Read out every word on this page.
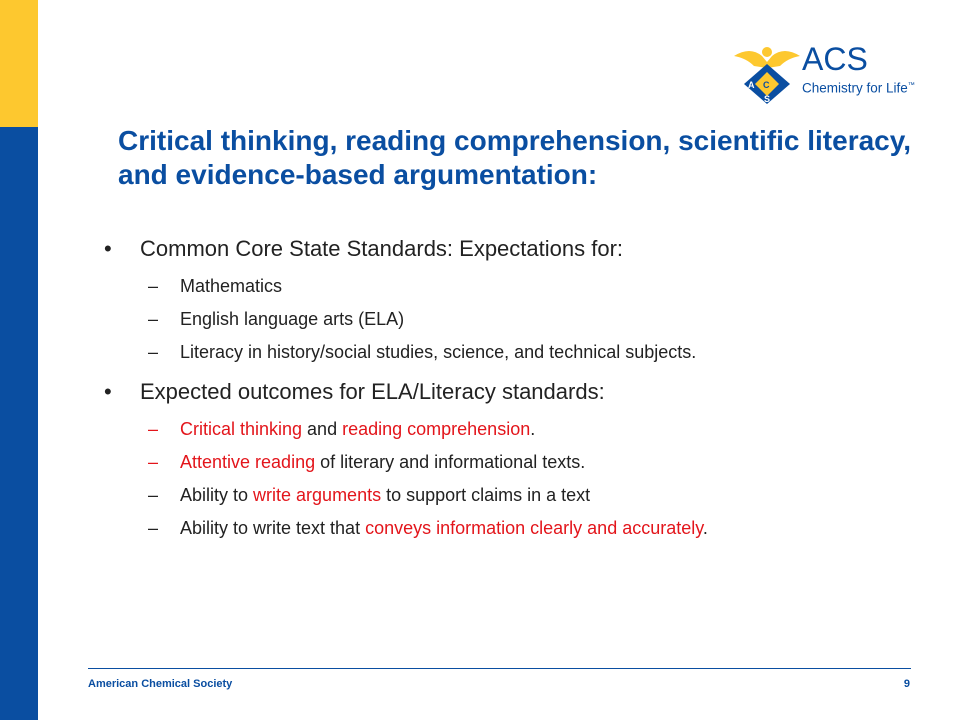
A C
S
ACS
Chemistry for Life™
Critical thinking, reading comprehension, scientific literacy, and evidence-based argumentation:
•	Common Core State Standards: Expectations for:
–	Mathematics
–	English language arts (ELA)
–	Literacy in history/social studies, science, and technical subjects.
•	Expected outcomes for ELA/Literacy standards:
–	Critical thinking and reading comprehension.
–	Attentive reading of literary and informational texts.
–	Ability to write arguments to support claims in a text
–	Ability to write text that conveys information clearly and accurately.
American Chemical Society	9
